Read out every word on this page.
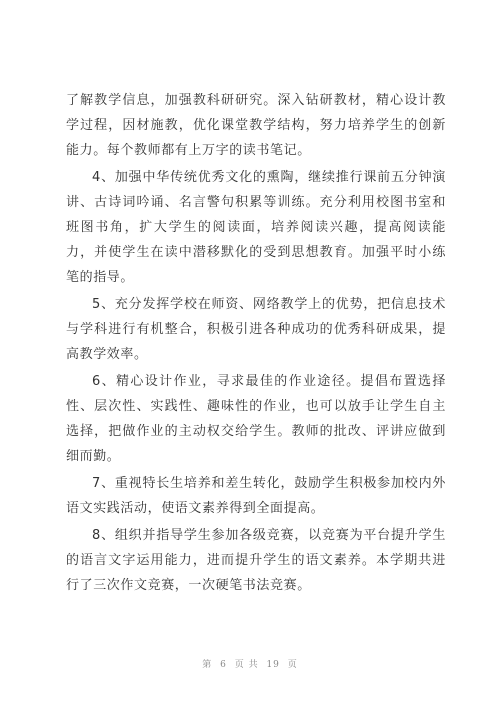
了解教学信息，加强教科研研究。深入钻研教材，精心设计教学过程，因材施教，优化课堂教学结构，努力培养学生的创新能力。每个教师都有上万字的读书笔记。

4、加强中华传统优秀文化的熏陶，继续推行课前五分钟演讲、古诗词吟诵、名言警句积累等训练。充分利用校图书室和班图书角，扩大学生的阅读面，培养阅读兴趣，提高阅读能力，并使学生在读中潜移默化的受到思想教育。加强平时小练笔的指导。

5、充分发挥学校在师资、网络教学上的优势，把信息技术与学科进行有机整合，积极引进各种成功的优秀科研成果，提高教学效率。

6、精心设计作业，寻求最佳的作业途径。提倡布置选择性、层次性、实践性、趣味性的作业，也可以放手让学生自主选择，把做作业的主动权交给学生。教师的批改、评讲应做到细而勤。

7、重视特长生培养和差生转化，鼓励学生积极参加校内外语文实践活动，使语文素养得到全面提高。

8、组织并指导学生参加各级竞赛，以竞赛为平台提升学生的语言文字运用能力，进而提升学生的语文素养。本学期共进行了三次作文竞赛，一次硬笔书法竞赛。

第 6 页 共 19 页
